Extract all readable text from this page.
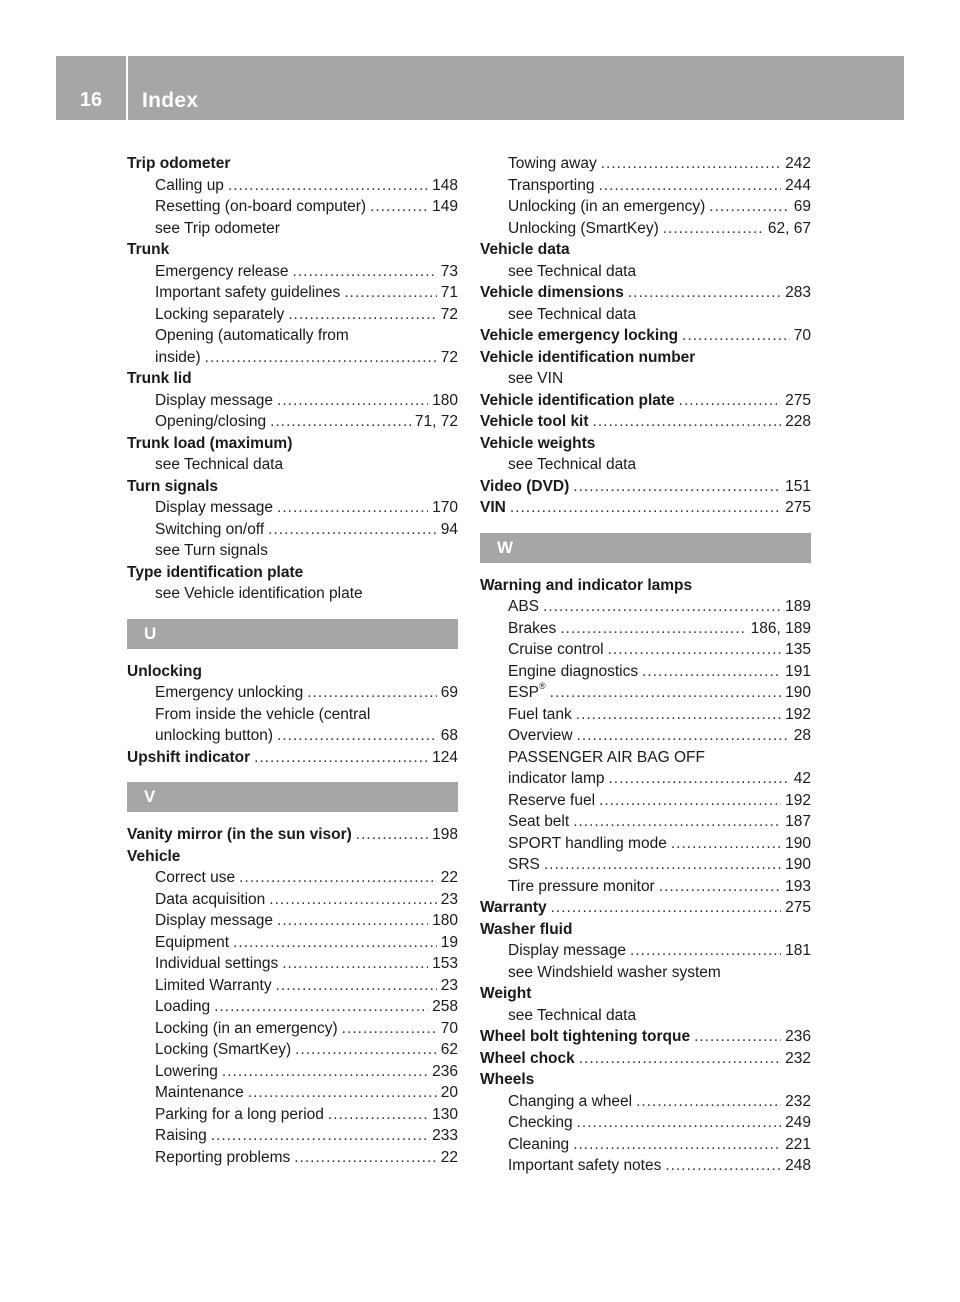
16	Index
Trip odometer
Calling up .....	148
Resetting (on-board computer) .....	149
see Trip odometer
Trunk
Emergency release .....	73
Important safety guidelines .....	71
Locking separately .....	72
Opening (automatically from
inside) .....	72
Trunk lid
Display message .....	180
Opening/closing .....	71, 72
Trunk load (maximum)
see Technical data
Turn signals
Display message .....	170
Switching on/off .....	94
see Turn signals
Type identification plate
see Vehicle identification plate
U
Unlocking
Emergency unlocking .....	69
From inside the vehicle (central
unlocking button) .....	68
Upshift indicator .....	124
V
Vanity mirror (in the sun visor) .....	198
Vehicle
Correct use .....	22
Data acquisition .....	23
Display message .....	180
Equipment .....	19
Individual settings .....	153
Limited Warranty .....	23
Loading .....	258
Locking (in an emergency) .....	70
Locking (SmartKey) .....	62
Lowering .....	236
Maintenance .....	20
Parking for a long period .....	130
Raising .....	233
Reporting problems .....	22
Towing away .....	242
Transporting .....	244
Unlocking (in an emergency) .....	69
Unlocking (SmartKey) .....	62, 67
Vehicle data
see Technical data
Vehicle dimensions .....	283
see Technical data
Vehicle emergency locking .....	70
Vehicle identification number
see VIN
Vehicle identification plate .....	275
Vehicle tool kit .....	228
Vehicle weights
see Technical data
Video (DVD) .....	151
VIN .....	275
W
Warning and indicator lamps
ABS .....	189
Brakes .....	186, 189
Cruise control .....	135
Engine diagnostics .....	191
ESP® .....	190
Fuel tank .....	192
Overview .....	28
PASSENGER AIR BAG OFF
indicator lamp .....	42
Reserve fuel .....	192
Seat belt .....	187
SPORT handling mode .....	190
SRS .....	190
Tire pressure monitor .....	193
Warranty .....	275
Washer fluid
Display message .....	181
see Windshield washer system
Weight
see Technical data
Wheel bolt tightening torque .....	236
Wheel chock .....	232
Wheels
Changing a wheel .....	232
Checking .....	249
Cleaning .....	221
Important safety notes .....	248
